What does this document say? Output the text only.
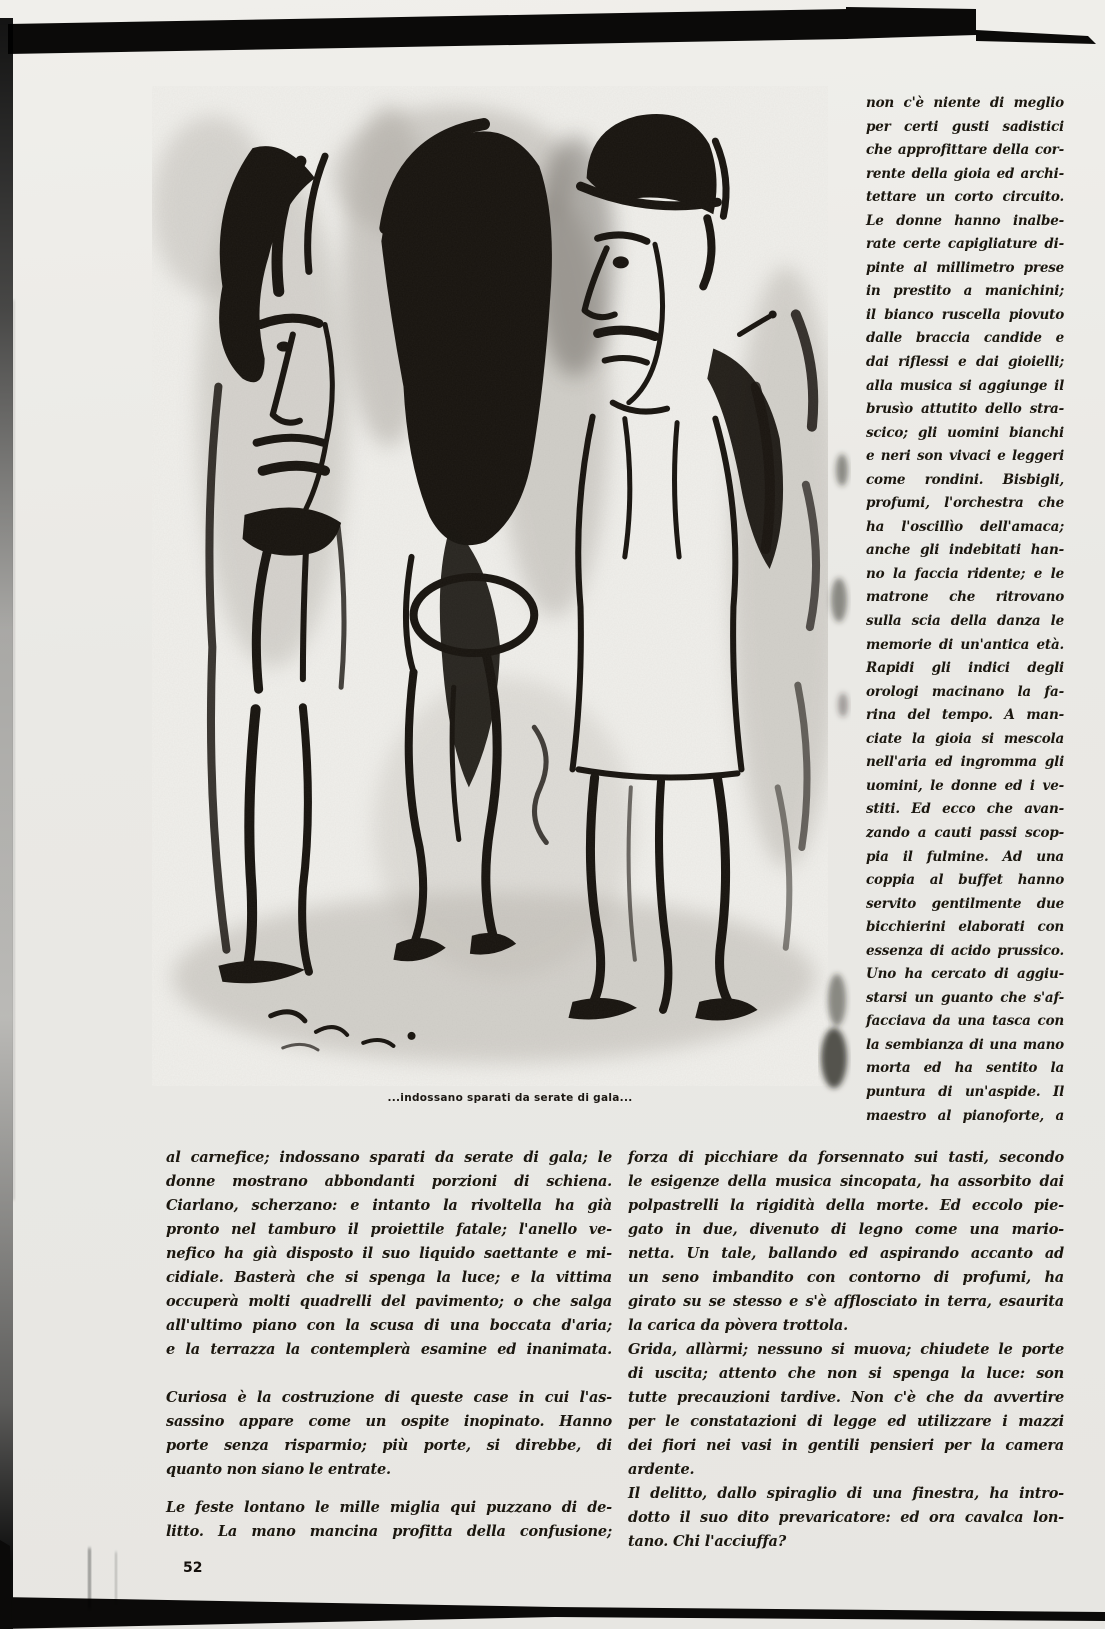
...indossano sparati da serate di gala...
non c'è niente di meglio
per certi gusti sadistici
che approfittare della cor-
rente della gioia ed archi-
tettare un corto circuito.
Le donne hanno inalbe-
rate certe capigliature di-
pinte al millimetro prese
in prestito a manichini;
il bianco ruscella piovuto
dalle braccia candide e
dai riflessi e dai gioielli;
alla musica si aggiunge il
brusìo attutito dello stra-
scico; gli uomini bianchi
e neri son vivaci e leggeri
come rondini. Bisbigli,
profumi, l'orchestra che
ha l'oscillìo dell'amaca;
anche gli indebitati han-
no la faccia ridente; e le
matrone che ritrovano
sulla scia della danza le
memorie di un'antica età.
Rapidi gli indici degli
orologi macinano la fa-
rina del tempo. A man-
ciate la gioia si mescola
nell'aria ed ingromma gli
uomini, le donne ed i ve-
stiti. Ed ecco che avan-
zando a cauti passi scop-
pia il fulmine. Ad una
coppia al buffet hanno
servito gentilmente due
bicchierini elaborati con
essenza di acido prussico.
Uno ha cercato di aggiu-
starsi un guanto che s'af-
facciava da una tasca con
la sembianza di una mano
morta ed ha sentito la
puntura di un'aspide. Il
maestro al pianoforte, a
al carnefice; indossano sparati da serate di gala; le
donne mostrano abbondanti porzioni di schiena.
Ciarlano, scherzano: e intanto la rivoltella ha già
pronto nel tamburo il proiettile fatale; l'anello ve-
nefico ha già disposto il suo liquido saettante e mi-
cidiale. Basterà che si spenga la luce; e la vittima
occuperà molti quadrelli del pavimento; o che salga
all'ultimo piano con la scusa di una boccata d'aria;
e la terrazza la contemplerà esamine ed inanimata.
Curiosa è la costruzione di queste case in cui l'as-
sassino appare come un ospite inopinato. Hanno
porte senza risparmio; più porte, si direbbe, di
quanto non siano le entrate.
Le feste lontano le mille miglia qui puzzano di de-
litto. La mano mancina profitta della confusione;
forza di picchiare da forsennato sui tasti, secondo
le esigenze della musica sincopata, ha assorbito dai
polpastrelli la rigidità della morte. Ed eccolo pie-
gato in due, divenuto di legno come una mario-
netta. Un tale, ballando ed aspirando accanto ad
un seno imbandito con contorno di profumi, ha
girato su se stesso e s'è afflosciato in terra, esaurita
la carica da pòvera trottola.
Grida, allàrmi; nessuno si muova; chiudete le porte
di uscita; attento che non si spenga la luce: son
tutte precauzioni tardive. Non c'è che da avvertire
per le constatazioni di legge ed utilizzare i mazzi
dei fiori nei vasi in gentili pensieri per la camera
ardente.
Il delitto, dallo spiraglio di una finestra, ha intro-
dotto il suo dito prevaricatore: ed ora cavalca lon-
tano. Chi l'acciuffa?
52
